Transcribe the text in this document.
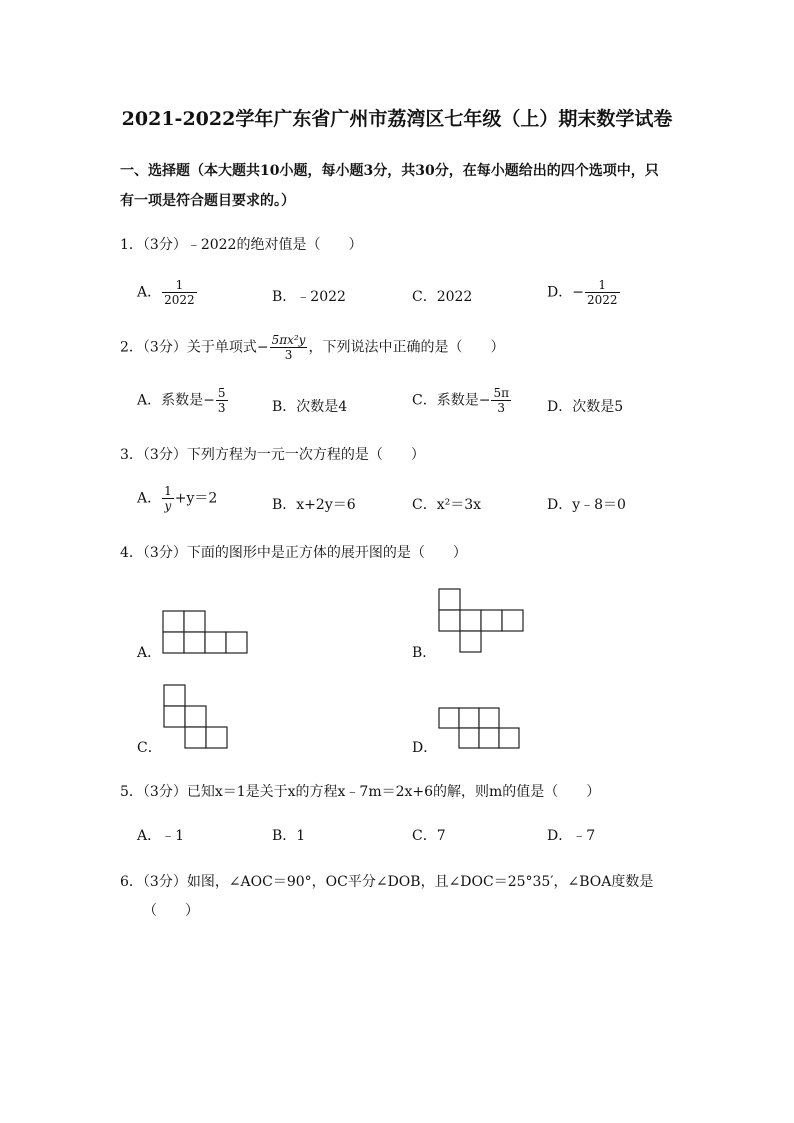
2021-2022学年广东省广州市荔湾区七年级（上）期末数学试卷
一、选择题（本大题共10小题，每小题3分，共30分，在每小题给出的四个选项中，只
有一项是符合题目要求的。）
1．（3分）﹣2022的绝对值是（　　）
A． $\frac{1}{2022}$	B．﹣2022	C．2022	D．− $\frac{1}{2022}$
2．（3分）关于单项式− $\frac{\text{5πx²y}}{3}$ ，下列说法中正确的是（　　）
A．系数是− $\frac{5}{3}$	B．次数是4	C．系数是− $\frac{5\pi}{3}$	D．次数是5
3．（3分）下列方程为一元一次方程的是（　　）
A． $\frac{1}{y} +y=2$	B．x+2y＝6	C．x²＝3x	D．y﹣8＝0
4．（3分）下面的图形中是正方体的展开图的是（　　）
A．	B．
C．	D．
5．（3分）已知x＝1是关于x的方程x﹣7m＝2x+6的解，则m的值是（　　）
A．﹣1	B．1	C．7	D．﹣7
6．（3分）如图，∠AOC＝90°，OC平分∠DOB，且∠DOC＝25°35′，∠BOA度数是
（　　）
